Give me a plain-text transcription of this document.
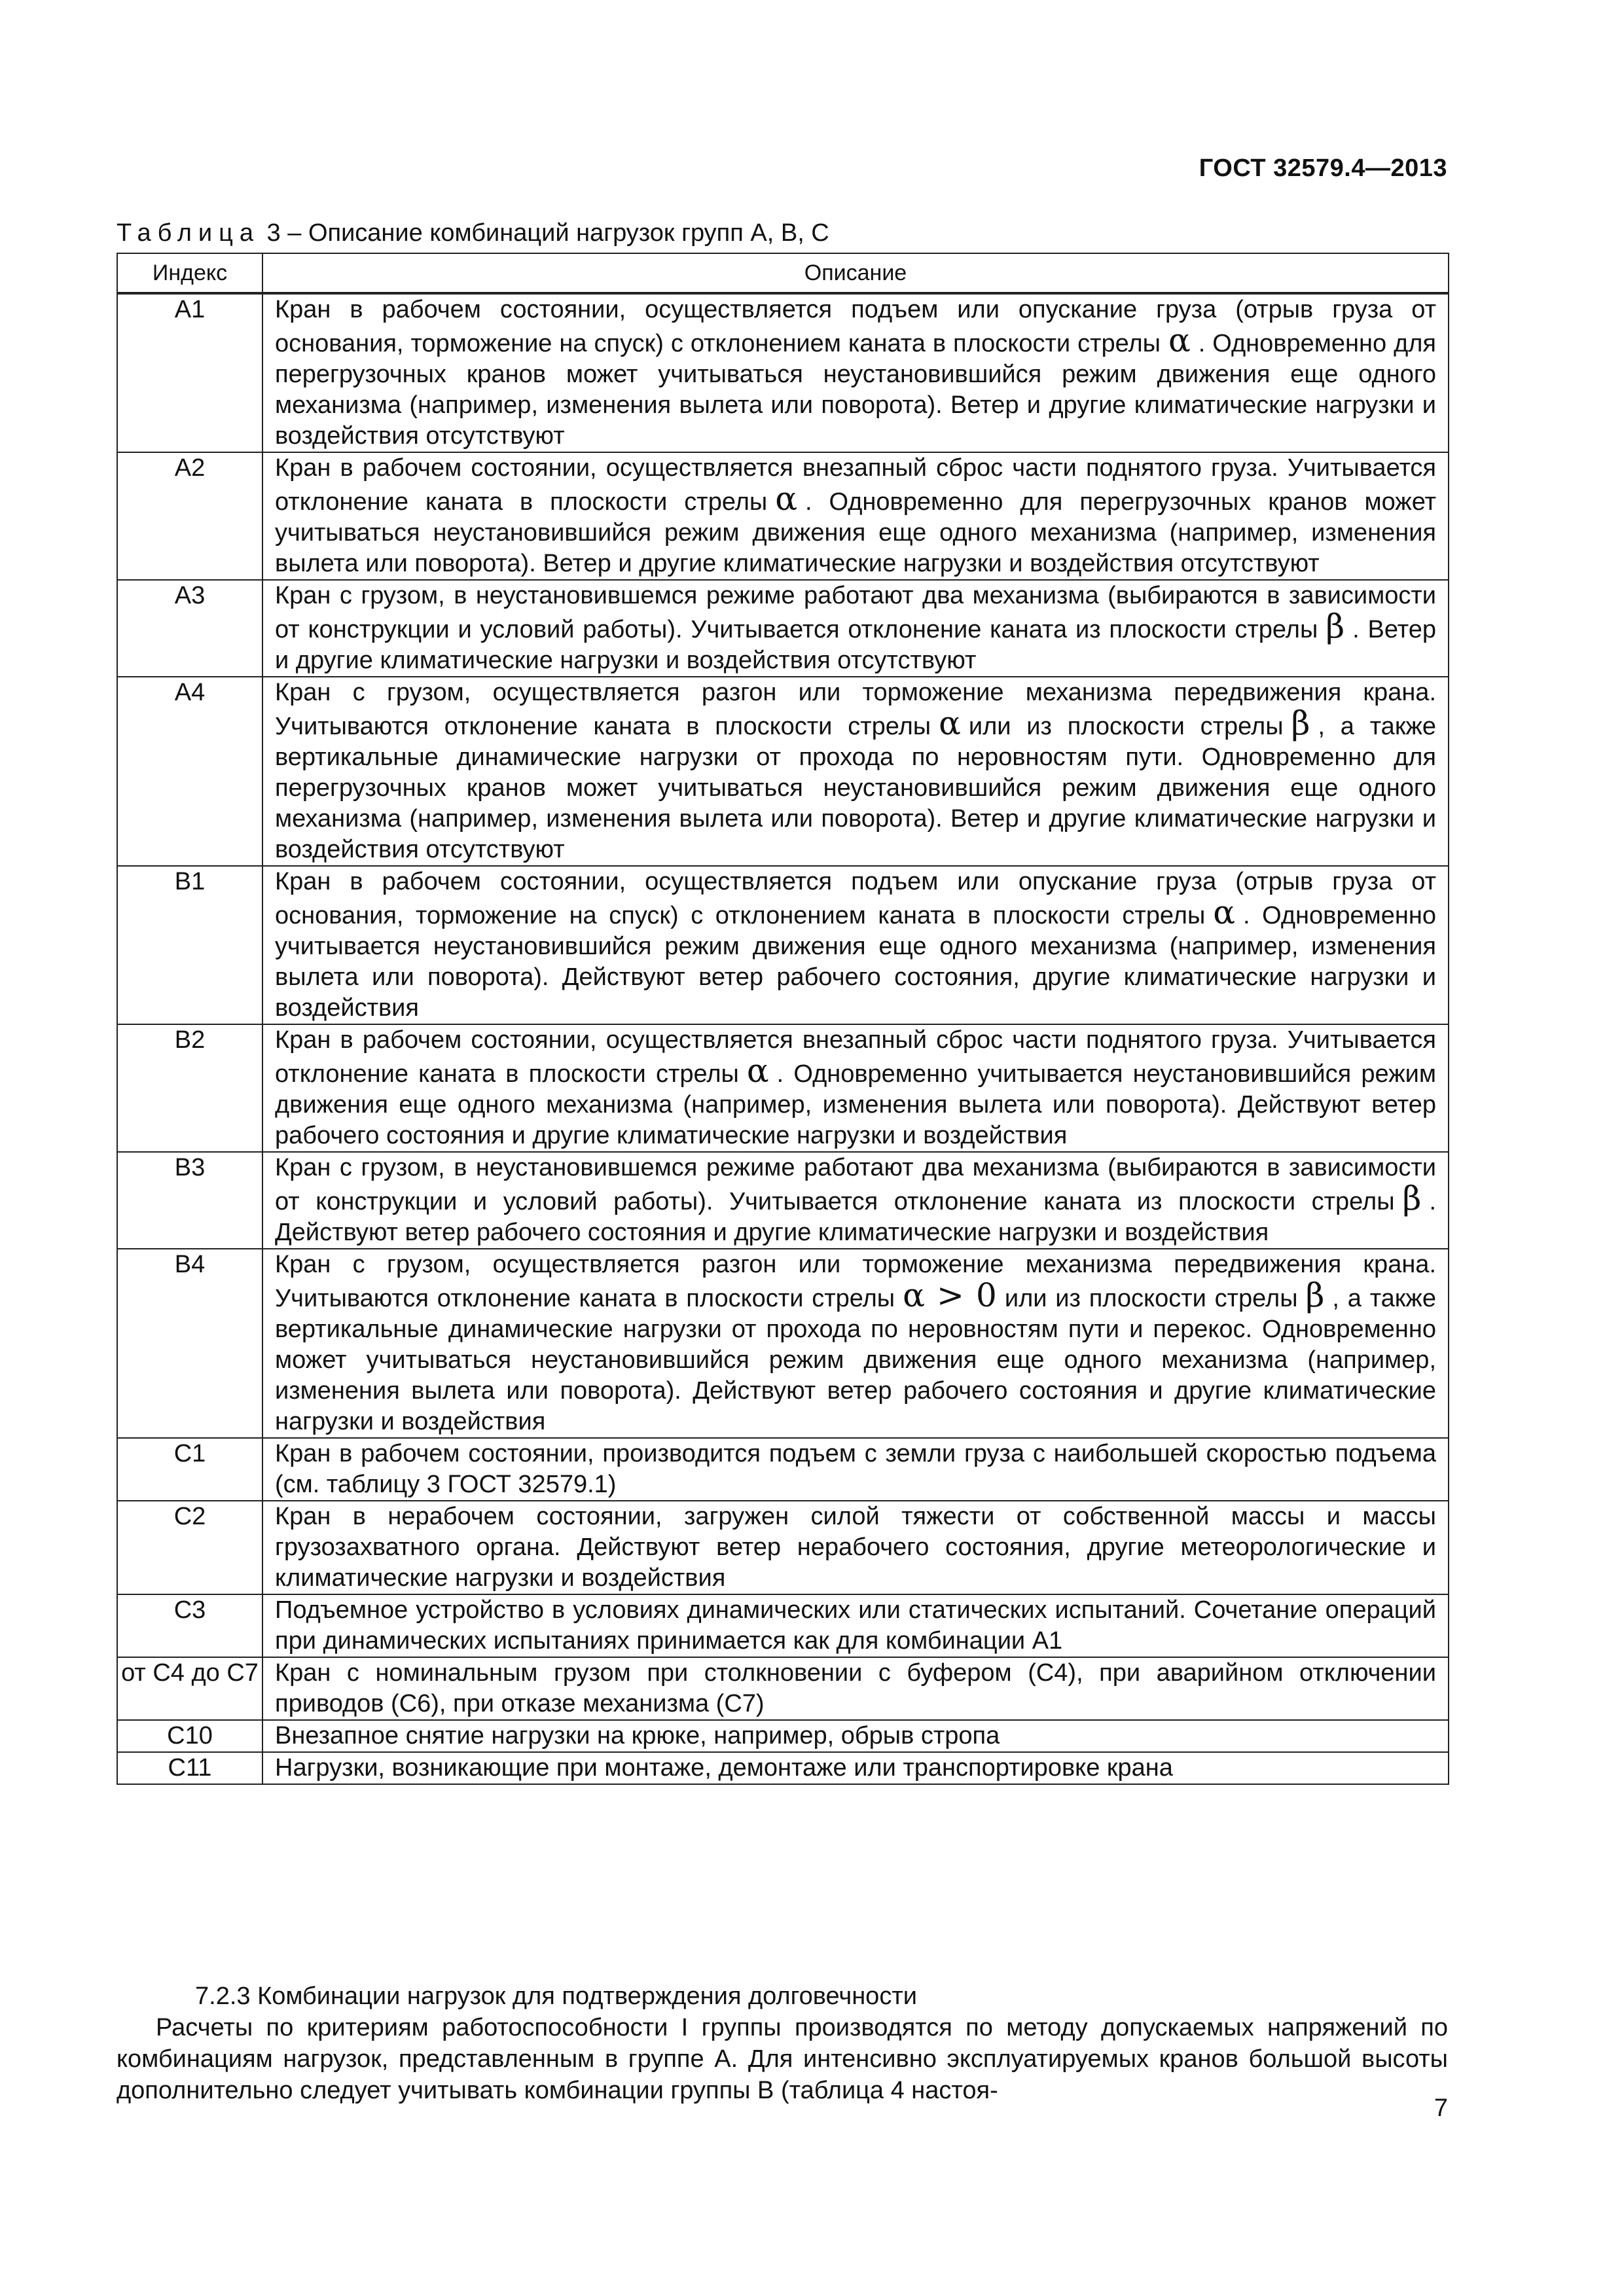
ГОСТ 32579.4—2013
Таблица 3 – Описание комбинаций нагрузок групп A, B, C
Индекс	Описание
A1	Кран в рабочем состоянии, осуществляется подъем или опускание груза (отрыв груза от основания, торможение на спуск) с отклонением каната в плоскости стрелы α . Одновременно для перегрузочных кранов может учитываться неустановившийся режим движения еще одного механизма (например, изменения вылета или поворота). Ветер и другие климатические нагрузки и воздействия отсутствуют
A2	Кран в рабочем состоянии, осуществляется внезапный сброс части поднятого груза. Учитывается отклонение каната в плоскости стрелы α . Одновременно для перегрузочных кранов может учитываться неустановившийся режим движения еще одного механизма (например, изменения вылета или поворота). Ветер и другие климатические нагрузки и воздействия отсутствуют
A3	Кран с грузом, в неустановившемся режиме работают два механизма (выбираются в зависимости от конструкции и условий работы). Учитывается отклонение каната из плоскости стрелы β . Ветер и другие климатические нагрузки и воздействия отсутствуют
A4	Кран с грузом, осуществляется разгон или торможение механизма передвижения крана. Учитываются отклонение каната в плоскости стрелы α или из плоскости стрелы β , а также вертикальные динамические нагрузки от прохода по неровностям пути. Одновременно для перегрузочных кранов может учитываться неустановившийся режим движения еще одного механизма (например, изменения вылета или поворота). Ветер и другие климатические нагрузки и воздействия отсутствуют
B1	Кран в рабочем состоянии, осуществляется подъем или опускание груза (отрыв груза от основания, торможение на спуск) с отклонением каната в плоскости стрелы α . Одновременно учитывается неустановившийся режим движения еще одного механизма (например, изменения вылета или поворота). Действуют ветер рабочего состояния, другие климатические нагрузки и воздействия
B2	Кран в рабочем состоянии, осуществляется внезапный сброс части поднятого груза. Учитывается отклонение каната в плоскости стрелы α . Одновременно учитывается неустановившийся режим движения еще одного механизма (например, изменения вылета или поворота). Действуют ветер рабочего состояния и другие климатические нагрузки и воздействия
B3	Кран с грузом, в неустановившемся режиме работают два механизма (выбираются в зависимости от конструкции и условий работы). Учитывается отклонение каната из плоскости стрелы β . Действуют ветер рабочего состояния и другие климатические нагрузки и воздействия
B4	Кран с грузом, осуществляется разгон или торможение механизма передвижения крана. Учитываются отклонение каната в плоскости стрелы α > 0 или из плоскости стрелы β , а также вертикальные динамические нагрузки от прохода по неровностям пути и перекос. Одновременно может учитываться неустановившийся режим движения еще одного механизма (например, изменения вылета или поворота). Действуют ветер рабочего состояния и другие климатические нагрузки и воздействия
C1	Кран в рабочем состоянии, производится подъем с земли груза с наибольшей скоростью подъема (см. таблицу 3 ГОСТ 32579.1)
C2	Кран в нерабочем состоянии, загружен силой тяжести от собственной массы и массы грузозахватного органа. Действуют ветер нерабочего состояния, другие метеорологические и климатические нагрузки и воздействия
C3	Подъемное устройство в условиях динамических или статических испытаний. Сочетание операций при динамических испытаниях принимается как для комбинации A1
от C4 до C7	Кран с номинальным грузом при столкновении с буфером (C4), при аварийном отключении приводов (C6), при отказе механизма (C7)
C10	Внезапное снятие нагрузки на крюке, например, обрыв стропа
C11	Нагрузки, возникающие при монтаже, демонтаже или транспортировке крана
7.2.3 Комбинации нагрузок для подтверждения долговечности
Расчеты по критериям работоспособности I группы производятся по методу допускаемых напряжений по комбинациям нагрузок, представленным в группе А. Для интенсивно эксплуатируемых кранов большой высоты дополнительно следует учитывать комбинации группы В (таблица 4 настоя-
7
